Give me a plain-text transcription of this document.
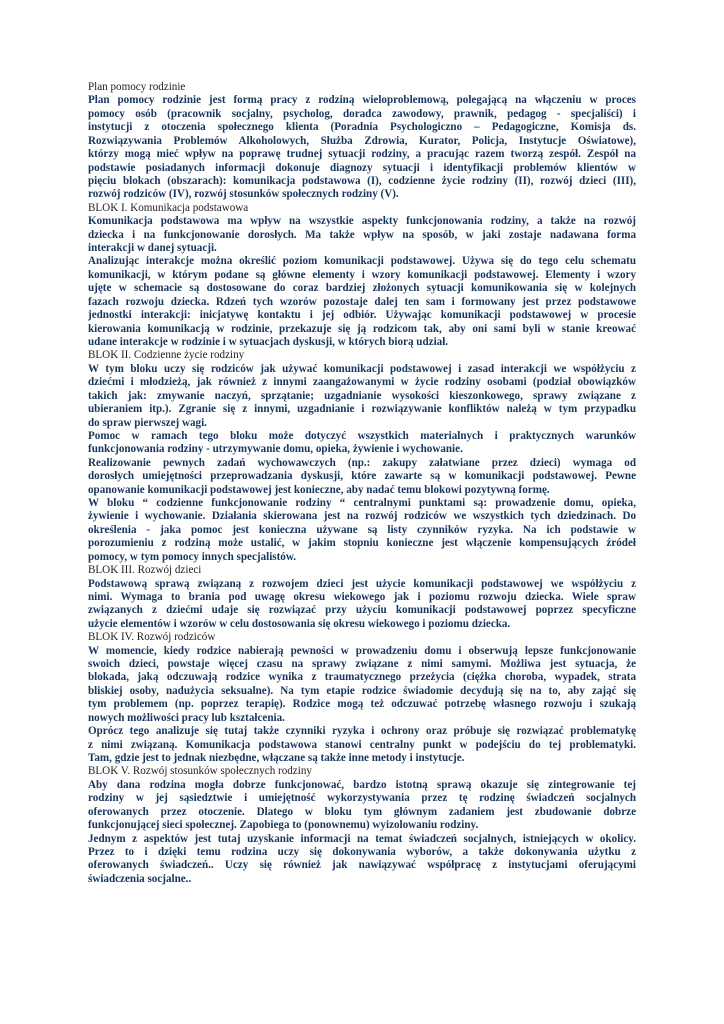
Plan pomocy rodzinie
Plan pomocy rodzinie jest formą pracy z rodziną wieloproblemową, polegającą na włączeniu w proces
pomocy osób (pracownik socjalny, psycholog, doradca zawodowy, prawnik, pedagog - specjaliści) i
instytucji z otoczenia społecznego klienta (Poradnia Psychologiczno – Pedagogiczne, Komisja ds.
Rozwiązywania Problemów Alkoholowych, Służba Zdrowia, Kurator, Policja, Instytucje Oświatowe),
którzy mogą mieć wpływ na poprawę trudnej sytuacji rodziny, a pracując razem tworzą zespół. Zespół na
podstawie posiadanych informacji dokonuje diagnozy sytuacji i identyfikacji problemów klientów w
pięciu blokach (obszarach): komunikacja podstawowa (I), codzienne życie rodziny (II), rozwój dzieci (III),
rozwój rodziców (IV), rozwój stosunków społecznych rodziny (V).
BLOK I. Komunikacja podstawowa
Komunikacja podstawowa ma wpływ na wszystkie aspekty funkcjonowania rodziny, a także na rozwój
dziecka i na funkcjonowanie dorosłych. Ma także wpływ na sposób, w jaki zostaje nadawana forma
interakcji w danej sytuacji.
Analizując interakcje można określić poziom komunikacji podstawowej. Używa się do tego celu schematu
komunikacji, w którym podane są główne elementy i wzory komunikacji podstawowej. Elementy i wzory
ujęte w schemacie są dostosowane do coraz bardziej złożonych sytuacji komunikowania się w kolejnych
fazach rozwoju dziecka. Rdzeń tych wzorów pozostaje dalej ten sam i formowany jest przez podstawowe
jednostki interakcji: inicjatywę kontaktu i jej odbiór. Używając komunikacji podstawowej w procesie
kierowania komunikacją w rodzinie, przekazuje się ją rodzicom tak, aby oni sami byli w stanie kreować
udane interakcje w rodzinie i w sytuacjach dyskusji, w których biorą udział.
BLOK II. Codzienne życie rodziny
W tym bloku uczy się rodziców jak używać komunikacji podstawowej i zasad interakcji we współżyciu z
dziećmi i młodzieżą, jak również z innymi zaangażowanymi w życie rodziny osobami (podział obowiązków
takich jak: zmywanie naczyń, sprzątanie; uzgadnianie wysokości kieszonkowego, sprawy związane z
ubieraniem itp.). Zgranie się z innymi, uzgadnianie i rozwiązywanie konfliktów należą w tym przypadku
do spraw pierwszej wagi.
Pomoc w ramach tego bloku może dotyczyć wszystkich materialnych i praktycznych warunków
funkcjonowania rodziny - utrzymywanie domu, opieka, żywienie i wychowanie.
Realizowanie pewnych zadań wychowawczych (np.: zakupy załatwiane przez dzieci) wymaga od
dorosłych umiejętności przeprowadzania dyskusji, które zawarte są w komunikacji podstawowej. Pewne
opanowanie komunikacji podstawowej jest konieczne, aby nadać temu blokowi pozytywną formę.
W bloku “ codzienne funkcjonowanie rodziny “ centralnymi punktami są: prowadzenie domu, opieka,
żywienie i wychowanie. Działania skierowana jest na rozwój rodziców we wszystkich tych dziedzinach. Do
określenia - jaka pomoc jest konieczna używane są listy czynników ryzyka. Na ich podstawie w
porozumieniu z rodziną może ustalić, w jakim stopniu konieczne jest włączenie kompensujących źródeł
pomocy, w tym pomocy innych specjalistów.
BLOK III. Rozwój dzieci
Podstawową sprawą związaną z rozwojem dzieci jest użycie komunikacji podstawowej we współżyciu z
nimi. Wymaga to brania pod uwagę okresu wiekowego jak i poziomu rozwoju dziecka. Wiele spraw
związanych z dziećmi udaje się rozwiązać przy użyciu komunikacji podstawowej poprzez specyficzne
użycie elementów i wzorów w celu dostosowania się okresu wiekowego i poziomu dziecka.
BLOK IV. Rozwój rodziców
W momencie, kiedy rodzice nabierają pewności w prowadzeniu domu i obserwują lepsze funkcjonowanie
swoich dzieci, powstaje więcej czasu na sprawy związane z nimi samymi. Możliwa jest sytuacja, że
blokada, jaką odczuwają rodzice wynika z traumatycznego przeżycia (ciężka choroba, wypadek, strata
bliskiej osoby, nadużycia seksualne). Na tym etapie rodzice świadomie decydują się na to, aby zająć się
tym problemem (np. poprzez terapię). Rodzice mogą też odczuwać potrzebę własnego rozwoju i szukają
nowych możliwości pracy lub kształcenia.
Oprócz tego analizuje się tutaj także czynniki ryzyka i ochrony oraz próbuje się rozwiązać problematykę
z nimi związaną. Komunikacja podstawowa stanowi centralny punkt w podejściu do tej problematyki.
Tam, gdzie jest to jednak niezbędne, włączane są także inne metody i instytucje.
BLOK V. Rozwój stosunków społecznych rodziny
Aby dana rodzina mogła dobrze funkcjonować, bardzo istotną sprawą okazuje się zintegrowanie tej
rodziny w jej sąsiedztwie i umiejętność wykorzystywania przez tę rodzinę świadczeń socjalnych
oferowanych przez otoczenie. Dlatego w bloku tym głównym zadaniem jest zbudowanie dobrze
funkcjonującej sieci społecznej. Zapobiega to (ponownemu) wyizolowaniu rodziny.
Jednym z aspektów jest tutaj uzyskanie informacji na temat świadczeń socjalnych, istniejących w okolicy.
Przez to i dzięki temu rodzina uczy się dokonywania wyborów, a także dokonywania użytku z
oferowanych świadczeń.. Uczy się również jak nawiązywać współpracę z instytucjami oferującymi
świadczenia socjalne..
